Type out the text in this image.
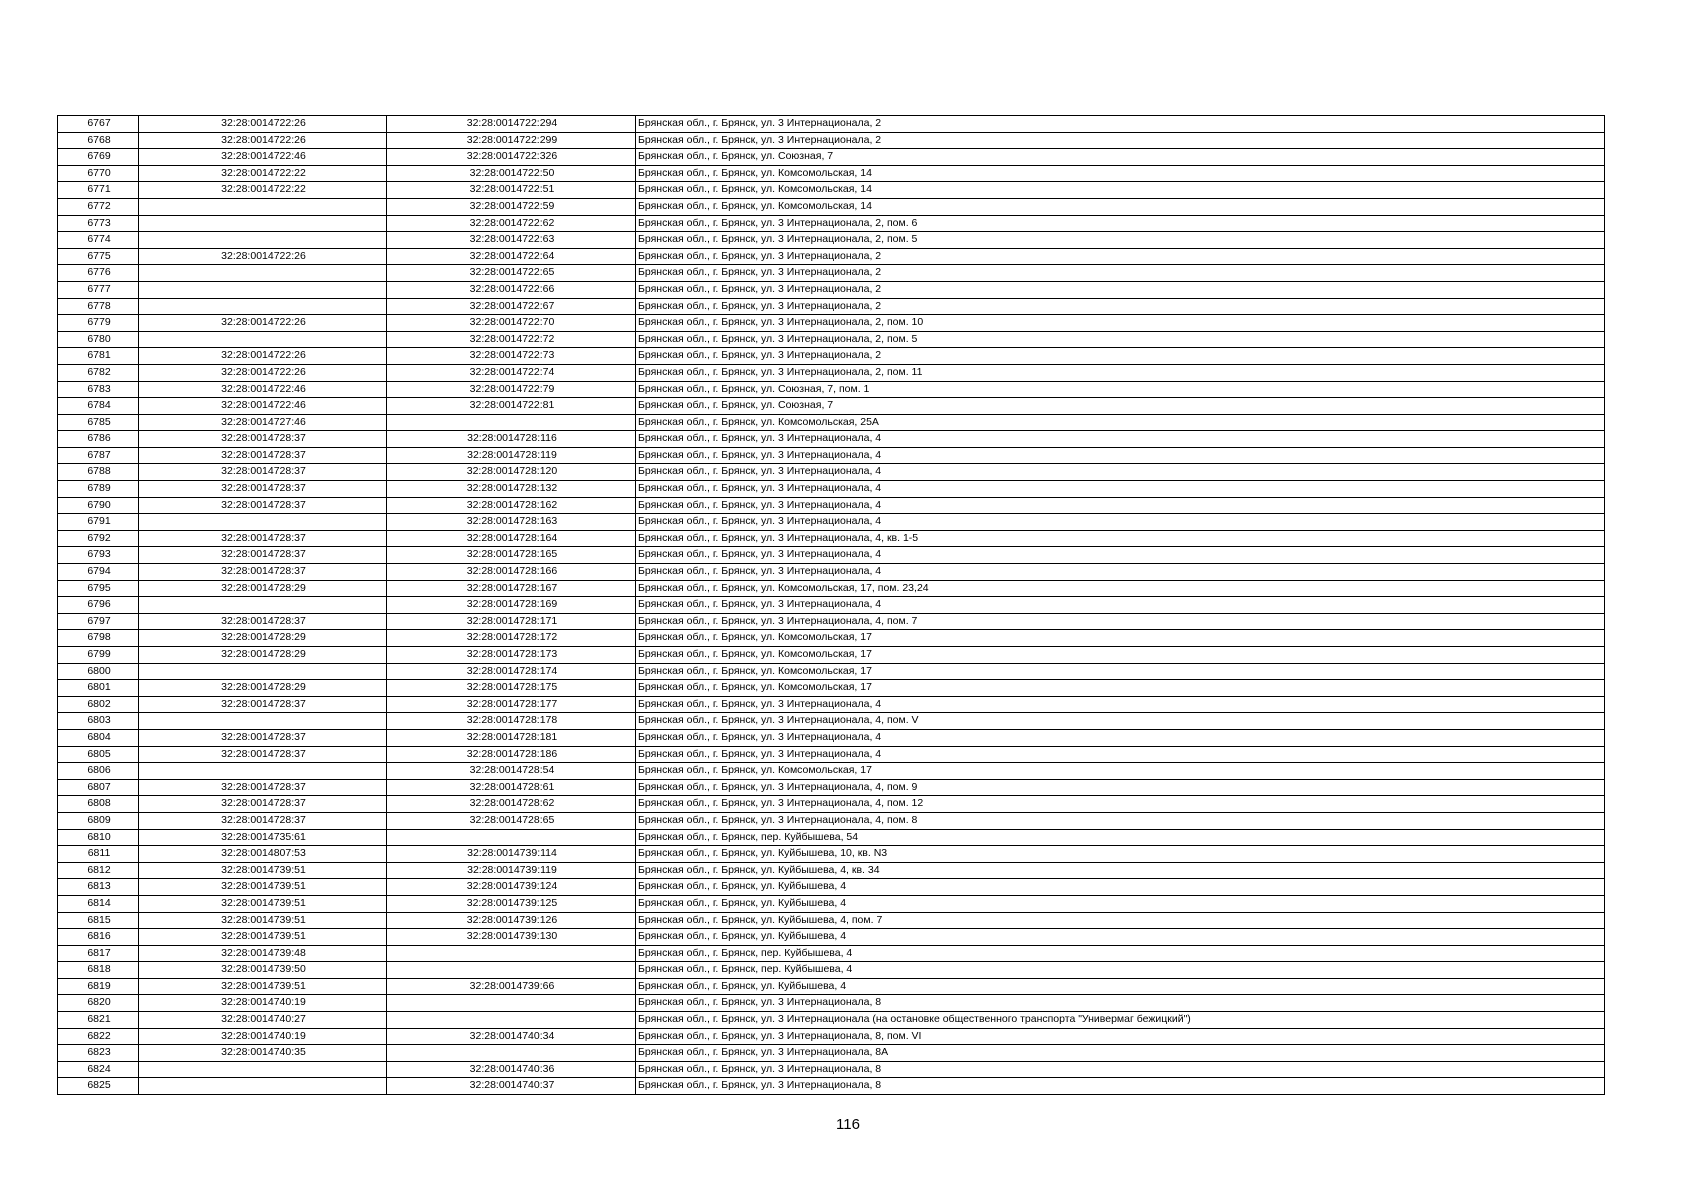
6767	32:28:0014722:26	32:28:0014722:294	Брянская обл., г. Брянск, ул. 3 Интернационала, 2
6768	32:28:0014722:26	32:28:0014722:299	Брянская обл., г. Брянск, ул. 3 Интернационала, 2
6769	32:28:0014722:46	32:28:0014722:326	Брянская обл., г. Брянск, ул. Союзная, 7
6770	32:28:0014722:22	32:28:0014722:50	Брянская обл., г. Брянск, ул. Комсомольская, 14
6771	32:28:0014722:22	32:28:0014722:51	Брянская обл., г. Брянск, ул. Комсомольская, 14
6772		32:28:0014722:59	Брянская обл., г. Брянск, ул. Комсомольская, 14
6773		32:28:0014722:62	Брянская обл., г. Брянск, ул. 3 Интернационала, 2, пом. 6
6774		32:28:0014722:63	Брянская обл., г. Брянск, ул. 3 Интернационала, 2, пом. 5
6775	32:28:0014722:26	32:28:0014722:64	Брянская обл., г. Брянск, ул. 3 Интернационала, 2
6776		32:28:0014722:65	Брянская обл., г. Брянск, ул. 3 Интернационала, 2
6777		32:28:0014722:66	Брянская обл., г. Брянск, ул. 3 Интернационала, 2
6778		32:28:0014722:67	Брянская обл., г. Брянск, ул. 3 Интернационала, 2
6779	32:28:0014722:26	32:28:0014722:70	Брянская обл., г. Брянск, ул. 3 Интернационала, 2, пом. 10
6780		32:28:0014722:72	Брянская обл., г. Брянск, ул. 3 Интернационала, 2, пом. 5
6781	32:28:0014722:26	32:28:0014722:73	Брянская обл., г. Брянск, ул. 3 Интернационала, 2
6782	32:28:0014722:26	32:28:0014722:74	Брянская обл., г. Брянск, ул. 3 Интернационала, 2, пом. 11
6783	32:28:0014722:46	32:28:0014722:79	Брянская обл., г. Брянск, ул. Союзная, 7, пом. 1
6784	32:28:0014722:46	32:28:0014722:81	Брянская обл., г. Брянск, ул. Союзная, 7
6785	32:28:0014727:46		Брянская обл., г. Брянск, ул. Комсомольская, 25А
6786	32:28:0014728:37	32:28:0014728:116	Брянская обл., г. Брянск, ул. 3 Интернационала, 4
6787	32:28:0014728:37	32:28:0014728:119	Брянская обл., г. Брянск, ул. 3 Интернационала, 4
6788	32:28:0014728:37	32:28:0014728:120	Брянская обл., г. Брянск, ул. 3 Интернационала, 4
6789	32:28:0014728:37	32:28:0014728:132	Брянская обл., г. Брянск, ул. 3 Интернационала, 4
6790	32:28:0014728:37	32:28:0014728:162	Брянская обл., г. Брянск, ул. 3 Интернационала, 4
6791		32:28:0014728:163	Брянская обл., г. Брянск, ул. 3 Интернационала, 4
6792	32:28:0014728:37	32:28:0014728:164	Брянская обл., г. Брянск, ул. 3 Интернационала, 4, кв. 1-5
6793	32:28:0014728:37	32:28:0014728:165	Брянская обл., г. Брянск, ул. 3 Интернационала, 4
6794	32:28:0014728:37	32:28:0014728:166	Брянская обл., г. Брянск, ул. 3 Интернационала, 4
6795	32:28:0014728:29	32:28:0014728:167	Брянская обл., г. Брянск, ул. Комсомольская, 17, пом. 23,24
6796		32:28:0014728:169	Брянская обл., г. Брянск, ул. 3 Интернационала, 4
6797	32:28:0014728:37	32:28:0014728:171	Брянская обл., г. Брянск, ул. 3 Интернационала, 4, пом. 7
6798	32:28:0014728:29	32:28:0014728:172	Брянская обл., г. Брянск, ул. Комсомольская, 17
6799	32:28:0014728:29	32:28:0014728:173	Брянская обл., г. Брянск, ул. Комсомольская, 17
6800		32:28:0014728:174	Брянская обл., г. Брянск, ул. Комсомольская, 17
6801	32:28:0014728:29	32:28:0014728:175	Брянская обл., г. Брянск, ул. Комсомольская, 17
6802	32:28:0014728:37	32:28:0014728:177	Брянская обл., г. Брянск, ул. 3 Интернационала, 4
6803		32:28:0014728:178	Брянская обл., г. Брянск, ул. 3 Интернационала, 4, пом. V
6804	32:28:0014728:37	32:28:0014728:181	Брянская обл., г. Брянск, ул. 3 Интернационала, 4
6805	32:28:0014728:37	32:28:0014728:186	Брянская обл., г. Брянск, ул. 3 Интернационала, 4
6806		32:28:0014728:54	Брянская обл., г. Брянск, ул. Комсомольская, 17
6807	32:28:0014728:37	32:28:0014728:61	Брянская обл., г. Брянск, ул. 3 Интернационала, 4, пом. 9
6808	32:28:0014728:37	32:28:0014728:62	Брянская обл., г. Брянск, ул. 3 Интернационала, 4, пом. 12
6809	32:28:0014728:37	32:28:0014728:65	Брянская обл., г. Брянск, ул. 3 Интернационала, 4, пом. 8
6810	32:28:0014735:61		Брянская обл., г. Брянск, пер. Куйбышева, 54
6811	32:28:0014807:53	32:28:0014739:114	Брянская обл., г. Брянск, ул. Куйбышева, 10, кв. N3
6812	32:28:0014739:51	32:28:0014739:119	Брянская обл., г. Брянск, ул. Куйбышева, 4, кв. 34
6813	32:28:0014739:51	32:28:0014739:124	Брянская обл., г. Брянск, ул. Куйбышева, 4
6814	32:28:0014739:51	32:28:0014739:125	Брянская обл., г. Брянск, ул. Куйбышева, 4
6815	32:28:0014739:51	32:28:0014739:126	Брянская обл., г. Брянск, ул. Куйбышева, 4, пом. 7
6816	32:28:0014739:51	32:28:0014739:130	Брянская обл., г. Брянск, ул. Куйбышева, 4
6817	32:28:0014739:48		Брянская обл., г. Брянск, пер. Куйбышева, 4
6818	32:28:0014739:50		Брянская обл., г. Брянск, пер. Куйбышева, 4
6819	32:28:0014739:51	32:28:0014739:66	Брянская обл., г. Брянск, ул. Куйбышева, 4
6820	32:28:0014740:19		Брянская обл., г. Брянск, ул. 3 Интернационала, 8
6821	32:28:0014740:27		Брянская обл., г. Брянск, ул. 3 Интернационала (на остановке общественного транспорта "Универмаг бежицкий")
6822	32:28:0014740:19	32:28:0014740:34	Брянская обл., г. Брянск, ул. 3 Интернационала, 8, пом. VI
6823	32:28:0014740:35		Брянская обл., г. Брянск, ул. 3 Интернационала, 8А
6824		32:28:0014740:36	Брянская обл., г. Брянск, ул. 3 Интернационала, 8
6825		32:28:0014740:37	Брянская обл., г. Брянск, ул. 3 Интернационала, 8
116
